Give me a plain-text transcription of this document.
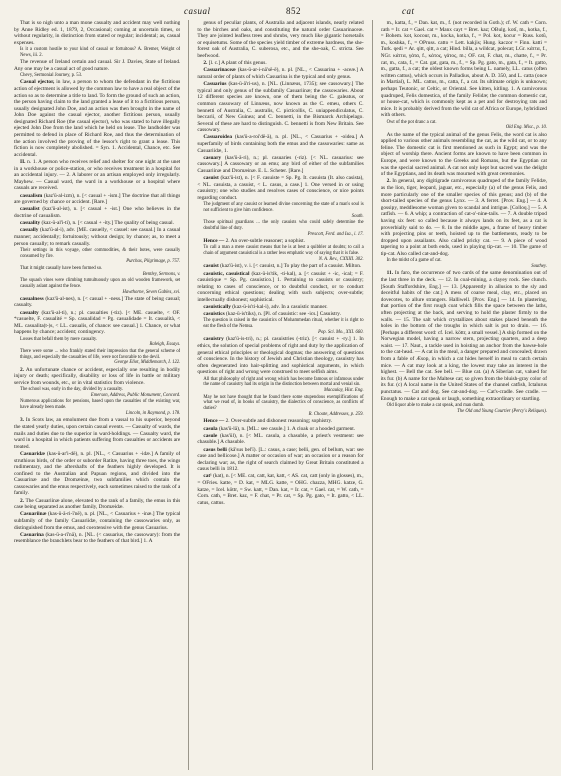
casual	852	cat

That is so nigh unto a man mone casualty and accident may well nothing by Anne Ridley ed. 1, 1879, 2, Occasional; coming at uncertain times, or without regularity, in distinction from stated or regular; incidental; as, casual expenses.

Is it a custom hostile to your kind of casual or fortuitous? A. Bremer, Weight of News, iii. 2.

The revenue of Ireland certain and casual. Sir J. Davies, State of Ireland. Any one may be a casual act of good nature.

Chevy, Sermonial Journey, p. 53.

Casual ejector, in law, a person to whom the defendant in the fictitious action of ejectment is allowed by the common law to have a real object of the action so as to determine a title to land. To form the ground of such an action, the person having claim to the land granted a lease of it to a fictitious person, usually designated John Doe, and an action was then brought in the name of John Doe against the casual ejector, another fictitious person, usually designated Richard Roe (the casual ejector), who was stated to have illegally ejected John Doe from the land which he held on lease. The landholder was permitted to defend in place of Richard Roe, and thus the determination of the action involved the proving of the lessor's right to grant a lease. This fiction is now completely abolished. = Syn. 1. Accidental, Chance, etc. See accidental.

II. n. 1. A person who receives relief and shelter for one night at the unet in a workhouse or police-station, or who receives treatment in a hospital for an accidental injury. — 2. A laborer or an artisan employed only irregularly. Mayhew. — Casual ward, the ward in a workhouse or a hospital where casuals are received.

casualism (kaz'ū-al-izm), n. [< casual + -ism.] The doctrine that all things are governed by chance or accident. [Rare.]

casualist (kaz'ū-al-ist), n. [< casual + -ist.] One who believes in the doctrine of casualism.

casuality (kaz-ū-al'i-ti), n. [< casual + -ity.] The quality of being casual.

casually (kaz'ū-al-i), adv. [ME. casuelly, < casuel: see casual.] In a casual manner; accidentally; fortuitously; without design; by chance; as, to meet a person casually; to remark casually.

Their settings in this voyage, other commodities, & their botes, were casually consumed by fire.
Purchas, Pilgrimage, p. 757.

That it might casually have been formed so.
Bentley, Sermons, v.

The squash vines were climbing tumultuously upon an old wooden framework, set casually aslant against the fence.
Hawthorne, Seven Gables, xvi.

casualness (kaz'ū-al-nes), n. [< casual + -ness.] The state of being casual; casualty.

casualty (kaz'ū-al-ti), n.; pl. casualties (-tiz). [< ME. casuelte, < OF. *casuelte, F. casualité = Sp. casualidad = Pg. casualidade = It. casualità, < ML. casualita(t-)s, < LL. casualis, of chance: see casual.] 1. Chance, or what happens by chance; accident; contingency.

Losses that befall them by mere casualty.
Raleigh, Essays.

There were some ... who frankly stated their impression that the general scheme of things, and especially the casualties of life, were not favorable to the devil.
George Eliot, Middlemarch, I. 122.

2. An unfortunate chance or accident, especially one resulting in bodily injury or death; specifically, disability or loss of life in battle or military service from wounds, etc., or in vital statistics from violence.

The school was, early in the day, divided by a casualty.
Emerson, Address, Public Monument, Concord.

Numerous applications for pensions, based upon the casualties of the existing war, have already been made.
Lincoln, in Raymond, p. 178.

3. In Scots law, an emolument due from a vassal to his superior, beyond the stated yearly duties, upon certain casual events. — Casualty of wards, the mails and duties due to the superior in ward-holdings. — Casualty ward, the ward in a hospital in which patients suffering from casualties or accidents are treated.

Casuaridæ (kas-ū-ar'i-dē), n. pl. [NL., < Casuarius + -idæ.] A family of struthious birds, of the order or suborder Ratitæ, having three toes, the wings rudimentary, and the aftershafts of the feathers highly developed. It is confined to the Australian and Papuan regions, and divided into the Casuarinæ and the Dromæinæ, two subfamilies which contain the cassowaries and the emus respectively, each sometimes raised to the rank of a family.

2. The Casuariinæ alone, elevated to the rank of a family, the emus in this case being separated as another family, Dromæidæ.

Casuariinæ (kas-ū-ā-ri-ī'nē), n. pl. [NL., < Casuarius + -inæ.] The typical subfamily of the family Casuariidæ, containing the cassowaries only, as distinguished from the emus, and coextensive with the genus Casuarius.

Casuarina (kas-ū-a-rī'nä), n. [NL. (< casuarius, the cassowary): from the resemblance the branchlets bear to the feathers of that bird.] 1. A

genus of peculiar plants, of Australia and adjacent islands, nearly related to the birches and oaks, and constituting the natural order Casuarinaceæ. They are jointed leafless trees and shrubs, very much like gigantic horsetails or equisetums. Some of the species yield timber of extreme hardness, the she-forest oak of Australia, C. suberosa, etc., and the she-oak, C. stricta. See beefwood.

2. [l. c.] A plant of this genus.

Casuarinaceæ (kas-ū-ar-i-nā'sē-ē), n. pl. [NL., < Casuarina + -aceæ.] A natural order of plants of which Casuarina is the typical and only genus.

Casuarius (kas-ū-ā'ri-us), n. [NL. (Linnæus, 1735); see cassowary.] The typical and only genus of the subfamily Casuariinæ; the cassowaries. About 12 different species are known, one of them being the C. galeatus, or common cassowary of Linnæus, now known as the C. emeu, others C. bennetti of Australia, C. australis, C. picticollis, C. uniappendiculatus, C. beccarii, of New Guinea; and C. bennetti, in the Bismarck Archipelago. Several of these are hard to distinguish. C. bennetti is from New Britain. See cassowary.

Casuaroidea (kas'ū-a-roi'dē-ä), n. pl. [NL., < Casuarius + -oidea.] A superfamily of birds containing both the emus and the cassowaries: same as Casuariidæ, 1.

casuary (kas'ū-ā-ri), n.; pl. casuaries (-riz). [< NL. casuarius: see cassowary.] A cassowary or an emu; any bird of either of the subfamilies Casuariinæ and Dromæinæ. E. L. Scheter. [Rare.]

casuist (kaz'ū-ist), n. [< F. casuiste = Sp. Pg. It. casuista (It. also casista), < NL. casuista, a casuist, < L. casus, a case.] 1. One versed in or using casuistry; one who studies and resolves cases of conscience, or nice points regarding conduct.

The judgment of any casuist or learned divine concerning the state of a man's soul is not sufficient to give him confidence.
South.

Those spiritual guardians ... the only casuists who could safely determine the doubtful line of duty.
Prescott, Ferd. and Isa., i. 17.

Hence — 2. An over-subtle reasoner; a sophist.

To call a man a mere casuist means that he is at best a quibbler at doubts; to call a chain of argument casuistical is a rather less emphatic way of saying that it is false.
N. A. Rev., CXXIII. 302.

casuist (kaz'ū-ist), v. i. [< casuist, n.] To play the part of a casuist. Milton.

casuistic, casuistical (kaz-ū-is'tik, -ti-kal), a. [< casuist + -ic, -ical; = F. casuistique = Sp. Pg. casuistico.] 1. Pertaining to casuists or casuistry; relating to cases of conscience, or to doubtful conduct, or to conduct concerning ethical questions; dealing with such subjects; over-subtle; intellectually dishonest; sophistical.

casuistically (kaz-ū-is'ti-kal-i), adv. In a casuistic manner.

casuistics (kaz-ū-is'tiks), n. [Pl. of casuistic: see -ics.] Casuistry.

The question is raised in the casuistics of Mohammedan ritual, whether it is right to eat the flesh of the Nemsa.
Pop. Sci. Mo., XXI. 660.

casuistry (kaz'ū-is-tri), n.; pl. casuistries (-triz). [< casuist + -ry.] 1. In ethics, the solution of special problems of right and duty by the application of general ethical principles or theological dogmas; the answering of questions of conscience. In the history of Jewish and Christian theology, casuistry has often degenerated into hair-splitting and sophistical arguments, in which questions of right and wrong were construed to meet selfish aims.

All that philosophy of right and wrong which has become famous or infamous under the name of casuistry had its origin in the distinction between mortal and venial sin.
Macaulay, Hist. Eng.

May he not have thought that he found there some stupendous exemplifications of what we read of, in books of casuistry, the dialectics of conscience, as conflicts of duties?
R. Choate, Addresses, p. 259.

Hence — 2. Over-subtle and dishonest reasoning; sophistry.

casula (kas'ū-lä), n. [ML.: see casule.] 1. A cloak or a hooded garment.

casule (kas'ūl), n. [< ML. casula, a chasuble, a priest's vestment: see chasuble.] A chasuble.

casus belli (kā'sus bel'ī). [L.: casus, a case; belli, gen. of bellum, war: see case and bellicose.] A matter or occasion of war; an occasion or a reason for declaring war; as, the right of search claimed by Great Britain constituted a casus belli in 1812.

cat¹ (kat), n. [< ME. cat, catt, kat, katt, < AS. cat, catt (only in glosses), m., = OFries. katte, = D. kat, = MLG. katte, = OHG. chazza, MHG. katze, G. katze, = Icel. köttr, = Sw. katt, = Dan. kat, = Ir. cat, = Gael. cat, = W. cath, = Corn. cath, = Bret. kaz, = F. chat, = Pr. cat, = Sp. Pg. gato, = It. gatto, < LL. catus, cattus.

m., katta, f., = Dan. kat, m., f. (not recorded in Goth.); cf. W. cath = Corn. cath = Ir. cat = Gael. cat = Manx cayt = Bret. kaz; OBulg. kotĭ, m., kotka, f., = Bohem. kot, kocour, m., kocka, kotka, f., = Pol. kot, kocur = Russ. kotŭ, m., koshka, f., = OPruss. catto = Lett. kakjis; Hung. kaczor = Finn. katti = Turk. qedi = Ar. qitt, qitt, a cat; Hind. billa, a wildcat, polecat; LGr. κάττα, f., NGr. κάττα, γάτα, f., κάτος, γάτος, m.; OF. cat, F. chat, m., chatte, f., = Pr. cat, m., cata, f., = Cat. gat, gata, m., f., = Sp. Pg. gato, m., gata, f., = It. gatto, m., gatta, f., a cat; the oldest known forms being L. namely, LL. catus (often written cattus), which occurs in Palladius, about A. D. 350, and L. catta (once in Martial), L. ML. cattus, m., catta, f., a cat. Its ultimate origin is unknown; perhaps Teutonic, or Celtic, or Oriental. See kitten, kitling. 1. A carnivorous quadruped, Felis domestica, of the family Felidæ; the common domestic cat, or house-cat, which is commonly kept as a pet and for destroying rats and mice. It is probably derived from the wild cat of Africa or Europe, hybridized with others.

Owt of the pot dranc a cat.
Old Eng. Misc., p. 10.

As the name of the typical animal of the genus Felis, the word cat is also applied to various other animals resembling the cat, as the wild cat, or to any feline. The domestic cat is first mentioned as such in Egypt; and was the object of worship there. Ancient forms are known to have been common in Europe, and were known to the Greeks and Romans, but the Egyptian cat was the special sacred animal. A cat not only kept but sacred was the delight of the Egyptians, and its death was mourned with great ceremonies.

2. In general, any digitigrade carnivorous quadruped of the family Felidæ, as the lion, tiger, leopard, jaguar, etc., especially (a) of the genus Felis, and more particularly one of the smaller species of this genus; and (b) of the short-tailed species of the genus Lynx. — 3. A ferret. [Prov. Eng.] — 4. A gossipy, meddlesome woman given to scandal and intrigue. [Colloq.] — 5. A catfish. — 6. A whip; a contraction of cat-o'-nine-tails. — 7. A double tripod having six feet: so called because it always lands on its feet, as a cat is proverbially said to do. — 8. In the middle ages, a frame of heavy timber with projecting pins or teeth, hoisted up to the battlements, ready to be dropped upon assailants. Also called pricky cat. — 9. A piece of wood tapering to a point at both ends, used in playing tip-cat. — 10. The game of tip-cat. Also called cat-and-dog.

In the midst of a game of cat.
Southey.

11. In faro, the occurrence of two cards of the same denomination out of the last three in the deck. — 12. In coal-mining, a clayey rock. See clunch. [South Staffordshire, Eng.] — 13. [Apparently in allusion to the sly and deceitful habits of the cat.] A mess of coarse meal, clay, etc., placed on dovecotes, to allure strangers. Halliwell. [Prov. Eng.] — 14. In plastering, that portion of the first rough coat which fills the space between the laths, often projecting at the back, and serving to hold the plaster firmly to the walls. — 15. The salt which crystallizes about stakes placed beneath the holes in the bottom of the troughs in which salt is put to drain. — 16. [Perhaps a different word: cf. Icel. köttr, a small vessel.] A ship formed on the Norwegian model, having a narrow stern, projecting quarters, and a deep waist. — 17. Naut., a tackle used in hoisting an anchor from the hawse-hole to the cat-head. — A cat in the meal, a danger prepared and concealed; drawn from a fable of Æsop, in which a cat hides herself in meal to catch certain mice. — A cat may look at a king, the lowest may take an interest in the highest. — Bell the cat. See bell. — Blue cat. (a) A Siberian cat, valued for its fur. (b) A name for the Maltese cat; so given from the bluish-gray color of its fur. (c) A local name in the United States of the channel catfish, Ictalurus punctatus. — Cat and dog. See cat-and-dog. — Cat's-cradle. See cradle. — Enough to make a cat speak or laugh, something extraordinary or startling.

Old liquor able to make a cat speak, and man dumb.
The Old and Young Courtier (Percy's Reliques).
